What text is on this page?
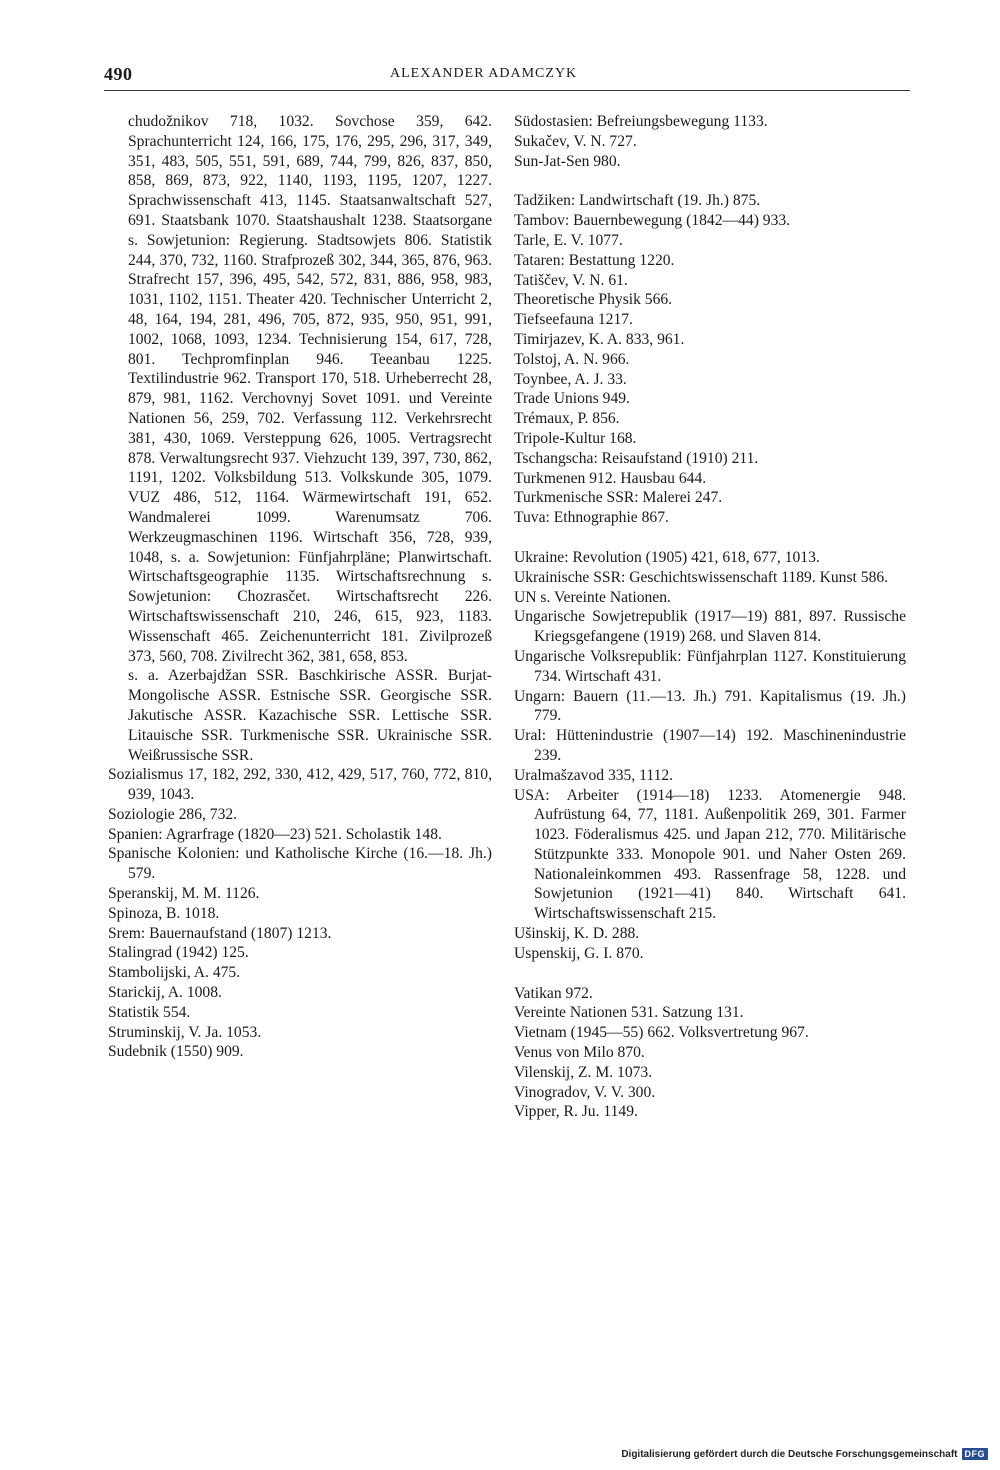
490	ALEXANDER ADAMCZYK
chudožnikov 718, 1032. Sovchose 359, 642. Sprachunterricht 124, 166, 175, 176, 295, 296, 317, 349, 351, 483, 505, 551, 591, 689, 744, 799, 826, 837, 850, 858, 869, 873, 922, 1140, 1193, 1195, 1207, 1227. Sprachwissenschaft 413, 1145. Staatsanwaltschaft 527, 691. Staatsbank 1070. Staatshaushalt 1238. Staatsorgane s. Sowjetunion: Regierung. Stadtsowjets 806. Statistik 244, 370, 732, 1160. Strafprozeß 302, 344, 365, 876, 963. Strafrecht 157, 396, 495, 542, 572, 831, 886, 958, 983, 1031, 1102, 1151. Theater 420. Technischer Unterricht 2, 48, 164, 194, 281, 496, 705, 872, 935, 950, 951, 991, 1002, 1068, 1093, 1234. Technisierung 154, 617, 728, 801. Techpromfinplan 946. Teeanbau 1225. Textilindustrie 962. Transport 170, 518. Urheberrecht 28, 879, 981, 1162. Verchovnyj Sovet 1091. und Vereinte Nationen 56, 259, 702. Verfassung 112. Verkehrsrecht 381, 430, 1069. Versteppung 626, 1005. Vertragsrecht 878. Verwaltungsrecht 937. Viehzucht 139, 397, 730, 862, 1191, 1202. Volksbildung 513. Volkskunde 305, 1079. VUZ 486, 512, 1164. Wärmewirtschaft 191, 652. Wandmalerei 1099. Warenumsatz 706. Werkzeugmaschinen 1196. Wirtschaft 356, 728, 939, 1048, s. a. Sowjetunion: Fünfjahrpläne; Planwirtschaft. Wirtschaftsgeographie 1135. Wirtschaftsrechnung s. Sowjetunion: Chozrasčet. Wirtschaftsrecht 226. Wirtschaftswissenschaft 210, 246, 615, 923, 1183. Wissenschaft 465. Zeichenunterricht 181. Zivilprozeß 373, 560, 708. Zivilrecht 362, 381, 658, 853.
s. a. Azerbajdžan SSR. Baschkirische ASSR. Burjat-Mongolische ASSR. Estnische SSR. Georgische SSR. Jakutische ASSR. Kazachische SSR. Lettische SSR. Litauische SSR. Turkmenische SSR. Ukrainische SSR. Weißrussische SSR.
Sozialismus 17, 182, 292, 330, 412, 429, 517, 760, 772, 810, 939, 1043.
Soziologie 286, 732.
Spanien: Agrarfrage (1820—23) 521. Scholastik 148.
Spanische Kolonien: und Katholische Kirche (16.—18. Jh.) 579.
Speranskij, M. M. 1126.
Spinoza, B. 1018.
Srem: Bauernaufstand (1807) 1213.
Stalingrad (1942) 125.
Stambolijski, A. 475.
Starickij, A. 1008.
Statistik 554.
Struminskij, V. Ja. 1053.
Sudebnik (1550) 909.
Südostasien: Befreiungsbewegung 1133.
Sukačev, V. N. 727.
Sun-Jat-Sen 980.
Tadžiken: Landwirtschaft (19. Jh.) 875.
Tambov: Bauernbewegung (1842—44) 933.
Tarle, E. V. 1077.
Tataren: Bestattung 1220.
Tatiščev, V. N. 61.
Theoretische Physik 566.
Tiefseefauna 1217.
Timirjazev, K. A. 833, 961.
Tolstoj, A. N. 966.
Toynbee, A. J. 33.
Trade Unions 949.
Trémaux, P. 856.
Tripole-Kultur 168.
Tschangscha: Reisaufstand (1910) 211.
Turkmenen 912. Hausbau 644.
Turkmenische SSR: Malerei 247.
Tuva: Ethnographie 867.
Ukraine: Revolution (1905) 421, 618, 677, 1013.
Ukrainische SSR: Geschichtswissenschaft 1189. Kunst 586.
UN s. Vereinte Nationen.
Ungarische Sowjetrepublik (1917—19) 881, 897. Russische Kriegsgefangene (1919) 268. und Slaven 814.
Ungarische Volksrepublik: Fünfjahrplan 1127. Konstituierung 734. Wirtschaft 431.
Ungarn: Bauern (11.—13. Jh.) 791. Kapitalismus (19. Jh.) 779.
Ural: Hüttenindustrie (1907—14) 192. Maschinenindustrie 239.
Uralmašzavod 335, 1112.
USA: Arbeiter (1914—18) 1233. Atomenergie 948. Aufrüstung 64, 77, 1181. Außenpolitik 269, 301. Farmer 1023. Föderalismus 425. und Japan 212, 770. Militärische Stützpunkte 333. Monopole 901. und Naher Osten 269. Nationaleinkommen 493. Rassenfrage 58, 1228. und Sowjetunion (1921—41) 840. Wirtschaft 641. Wirtschaftswissenschaft 215.
Ušinskij, K. D. 288.
Uspenskij, G. I. 870.
Vatikan 972.
Vereinte Nationen 531. Satzung 131.
Vietnam (1945—55) 662. Volksvertretung 967.
Venus von Milo 870.
Vilenskij, Z. M. 1073.
Vinogradov, V. V. 300.
Vipper, R. Ju. 1149.
Digitalisierung gefördert durch die Deutsche Forschungsgemeinschaft DFG
